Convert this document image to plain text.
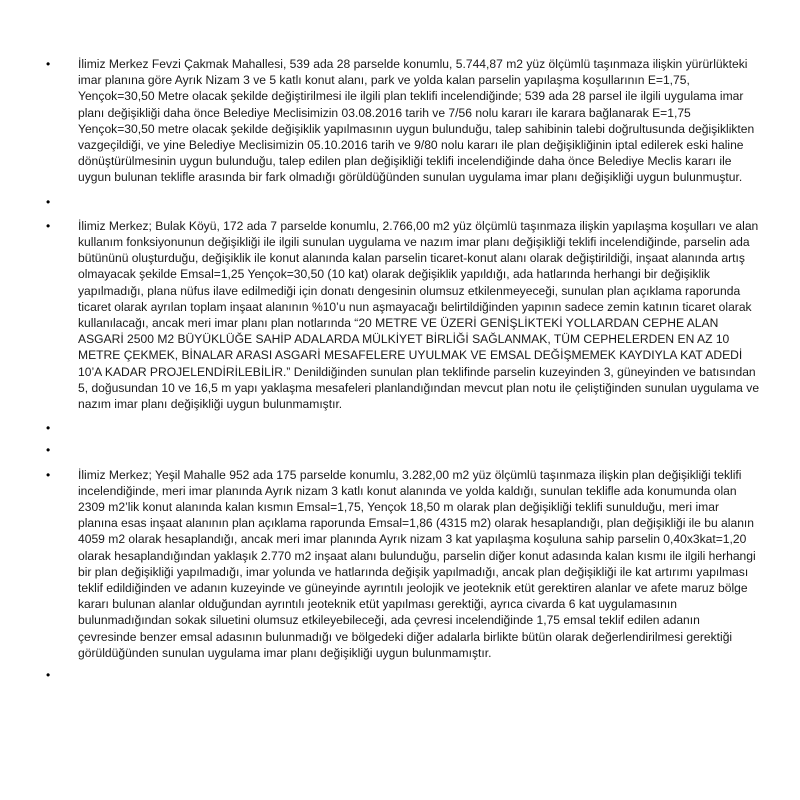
•	İlimiz Merkez Fevzi Çakmak Mahallesi, 539 ada 28 parselde konumlu, 5.744,87 m2 yüz ölçümlü taşınmaza ilişkin yürürlükteki imar planına göre Ayrık Nizam 3 ve 5 katlı konut alanı, park ve yolda kalan parselin yapılaşma koşullarının E=1,75, Yençok=30,50 Metre olacak şekilde değiştirilmesi ile ilgili plan teklifi incelendiğinde; 539 ada 28 parsel ile ilgili uygulama imar planı değişikliği daha önce Belediye Meclisimizin 03.08.2016 tarih ve 7/56 nolu kararı ile karara bağlanarak E=1,75 Yençok=30,50 metre olacak şekilde değişiklik yapılmasının uygun bulunduğu, talep sahibinin talebi doğrultusunda değişiklikten vazgeçildiği, ve yine Belediye Meclisimizin 05.10.2016 tarih ve 9/80 nolu kararı ile plan değişikliğinin iptal edilerek eski haline dönüştürülmesinin uygun bulunduğu, talep edilen plan değişikliği teklifi incelendiğinde daha önce Belediye Meclis kararı ile uygun bulunan teklifle arasında bir fark olmadığı görüldüğünden sunulan uygulama imar planı değişikliği uygun bulunmuştur.
•
•	İlimiz Merkez; Bulak Köyü, 172 ada 7 parselde konumlu, 2.766,00 m2 yüz ölçümlü taşınmaza ilişkin yapılaşma koşulları ve alan kullanım fonksiyonunun değişikliği ile ilgili sunulan uygulama ve nazım imar planı değişikliği teklifi incelendiğinde, parselin ada bütününü oluşturduğu, değişiklik ile konut alanında kalan parselin ticaret-konut alanı olarak değiştirildiği, inşaat alanında artış olmayacak şekilde Emsal=1,25 Yençok=30,50 (10 kat) olarak değişiklik yapıldığı, ada hatlarında herhangi bir değişiklik yapılmadığı, plana nüfus ilave edilmediği için donatı dengesinin olumsuz etkilenmeyeceği, sunulan plan açıklama raporunda ticaret olarak ayrılan toplam inşaat alanının %10’u nun aşmayacağı belirtildiğinden yapının sadece zemin katının ticaret olarak kullanılacağı, ancak meri imar planı plan notlarında “20 METRE VE ÜZERİ GENİŞLİKTEKİ YOLLARDAN CEPHE ALAN ASGARİ 2500 M2 BÜYÜKLÜĞE SAHİP ADALARDA MÜLKİYET BİRLİĞİ SAĞLANMAK, TÜM CEPHELERDEN EN AZ 10 METRE ÇEKMEK, BİNALAR ARASI ASGARİ MESAFELERE UYULMAK VE EMSAL DEĞİŞMEMEK KAYDIYLA KAT ADEDİ 10’A KADAR PROJELENDİRİLEBİLİR.” Denildiğinden sunulan plan teklifinde parselin kuzeyinden 3, güneyinden ve batısından 5, doğusundan 10 ve 16,5 m yapı yaklaşma mesafeleri planlandığından mevcut plan notu ile çeliştiğinden sunulan uygulama ve nazım imar planı değişikliği uygun bulunmamıştır.
•
•
•	İlimiz Merkez; Yeşil Mahalle 952 ada 175 parselde konumlu, 3.282,00 m2 yüz ölçümlü taşınmaza ilişkin plan değişikliği teklifi incelendiğinde, meri imar planında Ayrık nizam 3 katlı konut alanında ve yolda kaldığı, sunulan teklifle ada konumunda olan 2309 m2’lik konut alanında kalan kısmın Emsal=1,75, Yençok 18,50 m olarak plan değişikliği teklifi sunulduğu, meri imar planına esas inşaat alanının plan açıklama raporunda Emsal=1,86 (4315 m2) olarak hesaplandığı, plan değişikliği ile bu alanın 4059 m2 olarak hesaplandığı, ancak meri imar planında Ayrık nizam 3 kat yapılaşma koşuluna sahip parselin 0,40x3kat=1,20 olarak hesaplandığından yaklaşık 2.770 m2 inşaat alanı bulunduğu, parselin diğer konut adasında kalan kısmı ile ilgili herhangi bir plan değişikliği yapılmadığı, imar yolunda ve hatlarında değişik yapılmadığı, ancak plan değişikliği ile kat artırımı yapılması teklif edildiğinden ve adanın kuzeyinde ve güneyinde ayrıntılı jeolojik ve jeoteknik etüt gerektiren alanlar ve afete maruz bölge kararı bulunan alanlar olduğundan ayrıntılı jeoteknik etüt yapılması gerektiği, ayrıca civarda 6 kat uygulamasının bulunmadığından sokak siluetini olumsuz etkileyebileceği, ada çevresi incelendiğinde 1,75 emsal teklif edilen adanın çevresinde benzer emsal adasının bulunmadığı ve bölgedeki diğer adalarla birlikte bütün olarak değerlendirilmesi gerektiği görüldüğünden sunulan uygulama imar planı değişikliği uygun bulunmamıştır.
•
